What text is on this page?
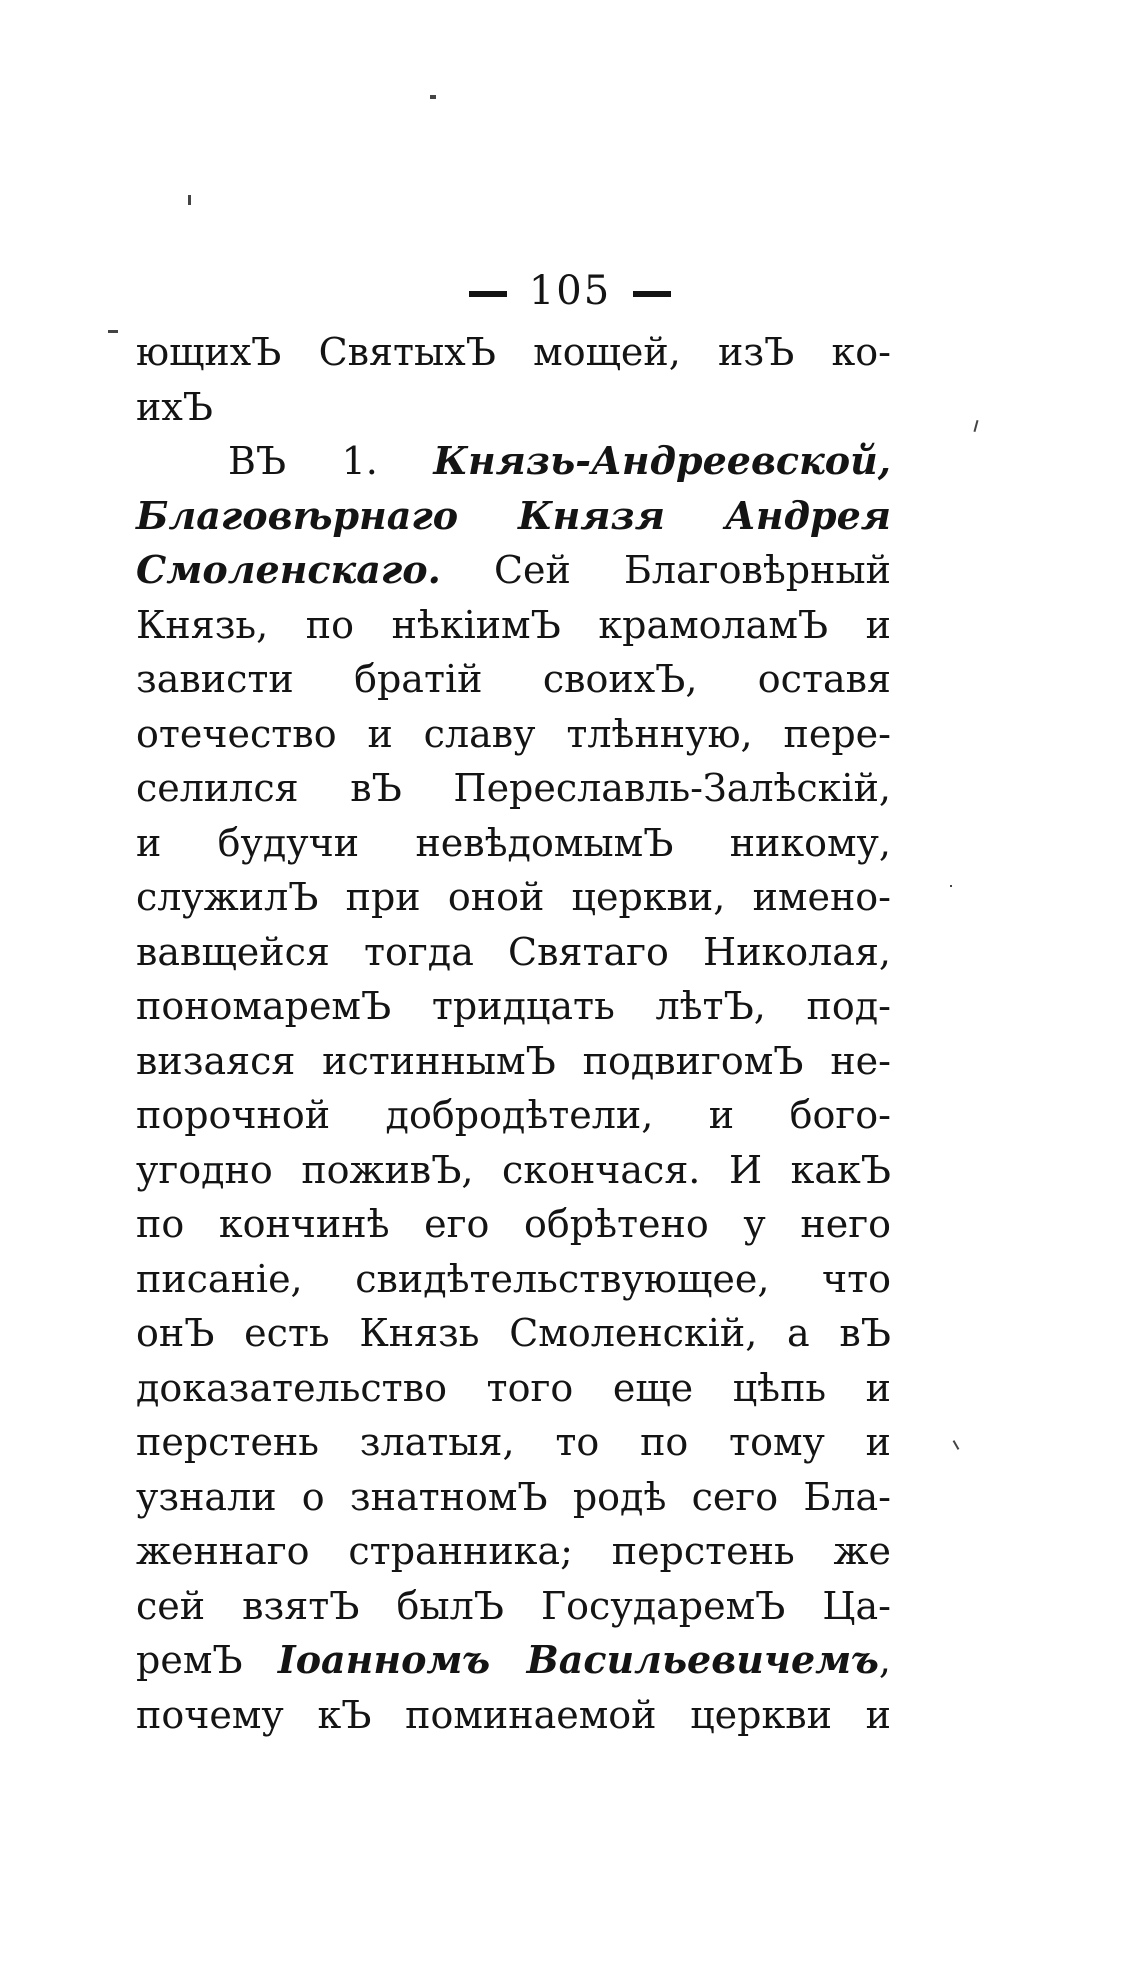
105
ющихЪ СвятыхЪ мощей, изЪ ко-
ихЪ
ВЪ 1. Князь-Андреевской,
Благовѣрнаго Князя Андрея
Смоленскаго. Сей Благовѣрный
Князь, по нѣкіимЪ крамоламЪ и
зависти братій своихЪ, оставя
отечество и славу тлѣнную, пере-
селился вЪ Переславль-Залѣскій,
и будучи невѣдомымЪ никому,
служилЪ при оной церкви, имено-
вавщейся тогда Святаго Николая,
пономаремЪ тридцать лѣтЪ, под-
визаяся истиннымЪ подвигомЪ не-
порочной добродѣтели, и бого-
угодно поживЪ, скончася. И какЪ
по кончинѣ его обрѣтено у него
писаніе, свидѣтельствующее, что
онЪ есть Князь Смоленскій, а вЪ
доказательство того еще цѣпь и
перстень златыя, то по тому и
узнали о знатномЪ родѣ сего Бла-
женнаго странника; перстень же
сей взятЪ былЪ ГосударемЪ Ца-
ремЪ Іоанномъ Васильевичемъ,
почему кЪ поминаемой церкви и
